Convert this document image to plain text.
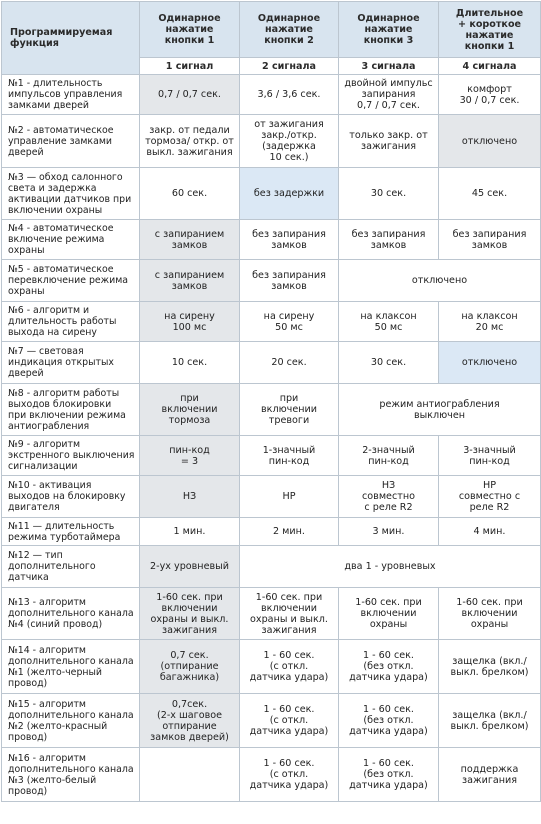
Программируемая
функция	Одинарное
нажатие
кнопки 1	Одинарное
нажатие
кнопки 2	Одинарное
нажатие
кнопки 3	Длительное
+ короткое
нажатие
кнопки 1
	1 сигнал	2 сигнала	3 сигнала	4 сигнала
№1 - длительность
импульсов управления
замками дверей	0,7 / 0,7 сек.	3,6 / 3,6 сек.	двойной импульс
запирания
0,7 / 0,7 сек.	комфорт
30 / 0,7 сек.
№2 - автоматическое
управление замками
дверей	закр. от педали
тормоза/ откр. от
выкл. зажигания	от зажигания
закр./откр.
(задержка
10 сек.)	только закр. от
зажигания	отключено
№3 — обход салонного
света и задержка
активации датчиков при
включении охраны	60 сек.	без задержки	30 сек.	45 сек.
№4 - автоматическое
включение режима
охраны	с запиранием
замков	без запирания
замков	без запирания
замков	без запирания
замков
№5 - автоматическое
перевключение режима
охраны	с запиранием
замков	без запирания
замков	отключено	
№6 - алгоритм и
длительность работы
выхода на сирену	на сирену
100 мс	на сирену
50 мс	на клаксон
50 мс	на клаксон
20 мс
№7 — световая
индикация открытых
дверей	10 сек.	20 сек.	30 сек.	отключено
№8 - алгоритм работы
выходов блокировки
при включении режима
антиограбления	при
включении
тормоза	при
включении
тревоги	режим антиограбления
выключен	
№9 - алгоритм
экстренного выключения
сигнализации	пин-код
= 3	1-значный
пин-код	2-значный
пин-код	3-значный
пин-код
№10 - активация
выходов на блокировку
двигателя	НЗ	НР	НЗ
совместно
с реле R2	НР
совместно с
реле R2
№11 — длительность
режима турботаймера	1 мин.	2 мин.	3 мин.	4 мин.
№12 — тип
дополнительного
датчика	2-ух уровневый	два 1 - уровневых		
№13 - алгоритм
дополнительного канала
№4 (синий провод)	1-60 сек. при
включении
охраны и выкл.
зажигания	1-60 сек. при
включении
охраны и выкл.
зажигания	1-60 сек. при
включении
охраны	1-60 сек. при
включении
охраны
№14 - алгоритм
дополнительного канала
№1 (желто-черный
провод)	0,7 сек.
(отпирание
багажника)	1 - 60 сек.
(с откл.
датчика удара)	1 - 60 сек.
(без откл.
датчика удара)	защелка (вкл./
выкл. брелком)
№15 - алгоритм
дополнительного канала
№2 (желто-красный
провод)	0,7сек.
(2-х шаговое
отпирание
замков дверей)	1 - 60 сек.
(с откл.
датчика удара)	1 - 60 сек.
(без откл.
датчика удара)	защелка (вкл./
выкл. брелком)
№16 - алгоритм
дополнительного канала
№3 (желто-белый
провод)		1 - 60 сек.
(с откл.
датчика удара)	1 - 60 сек.
(без откл.
датчика удара)	поддержка
зажигания
